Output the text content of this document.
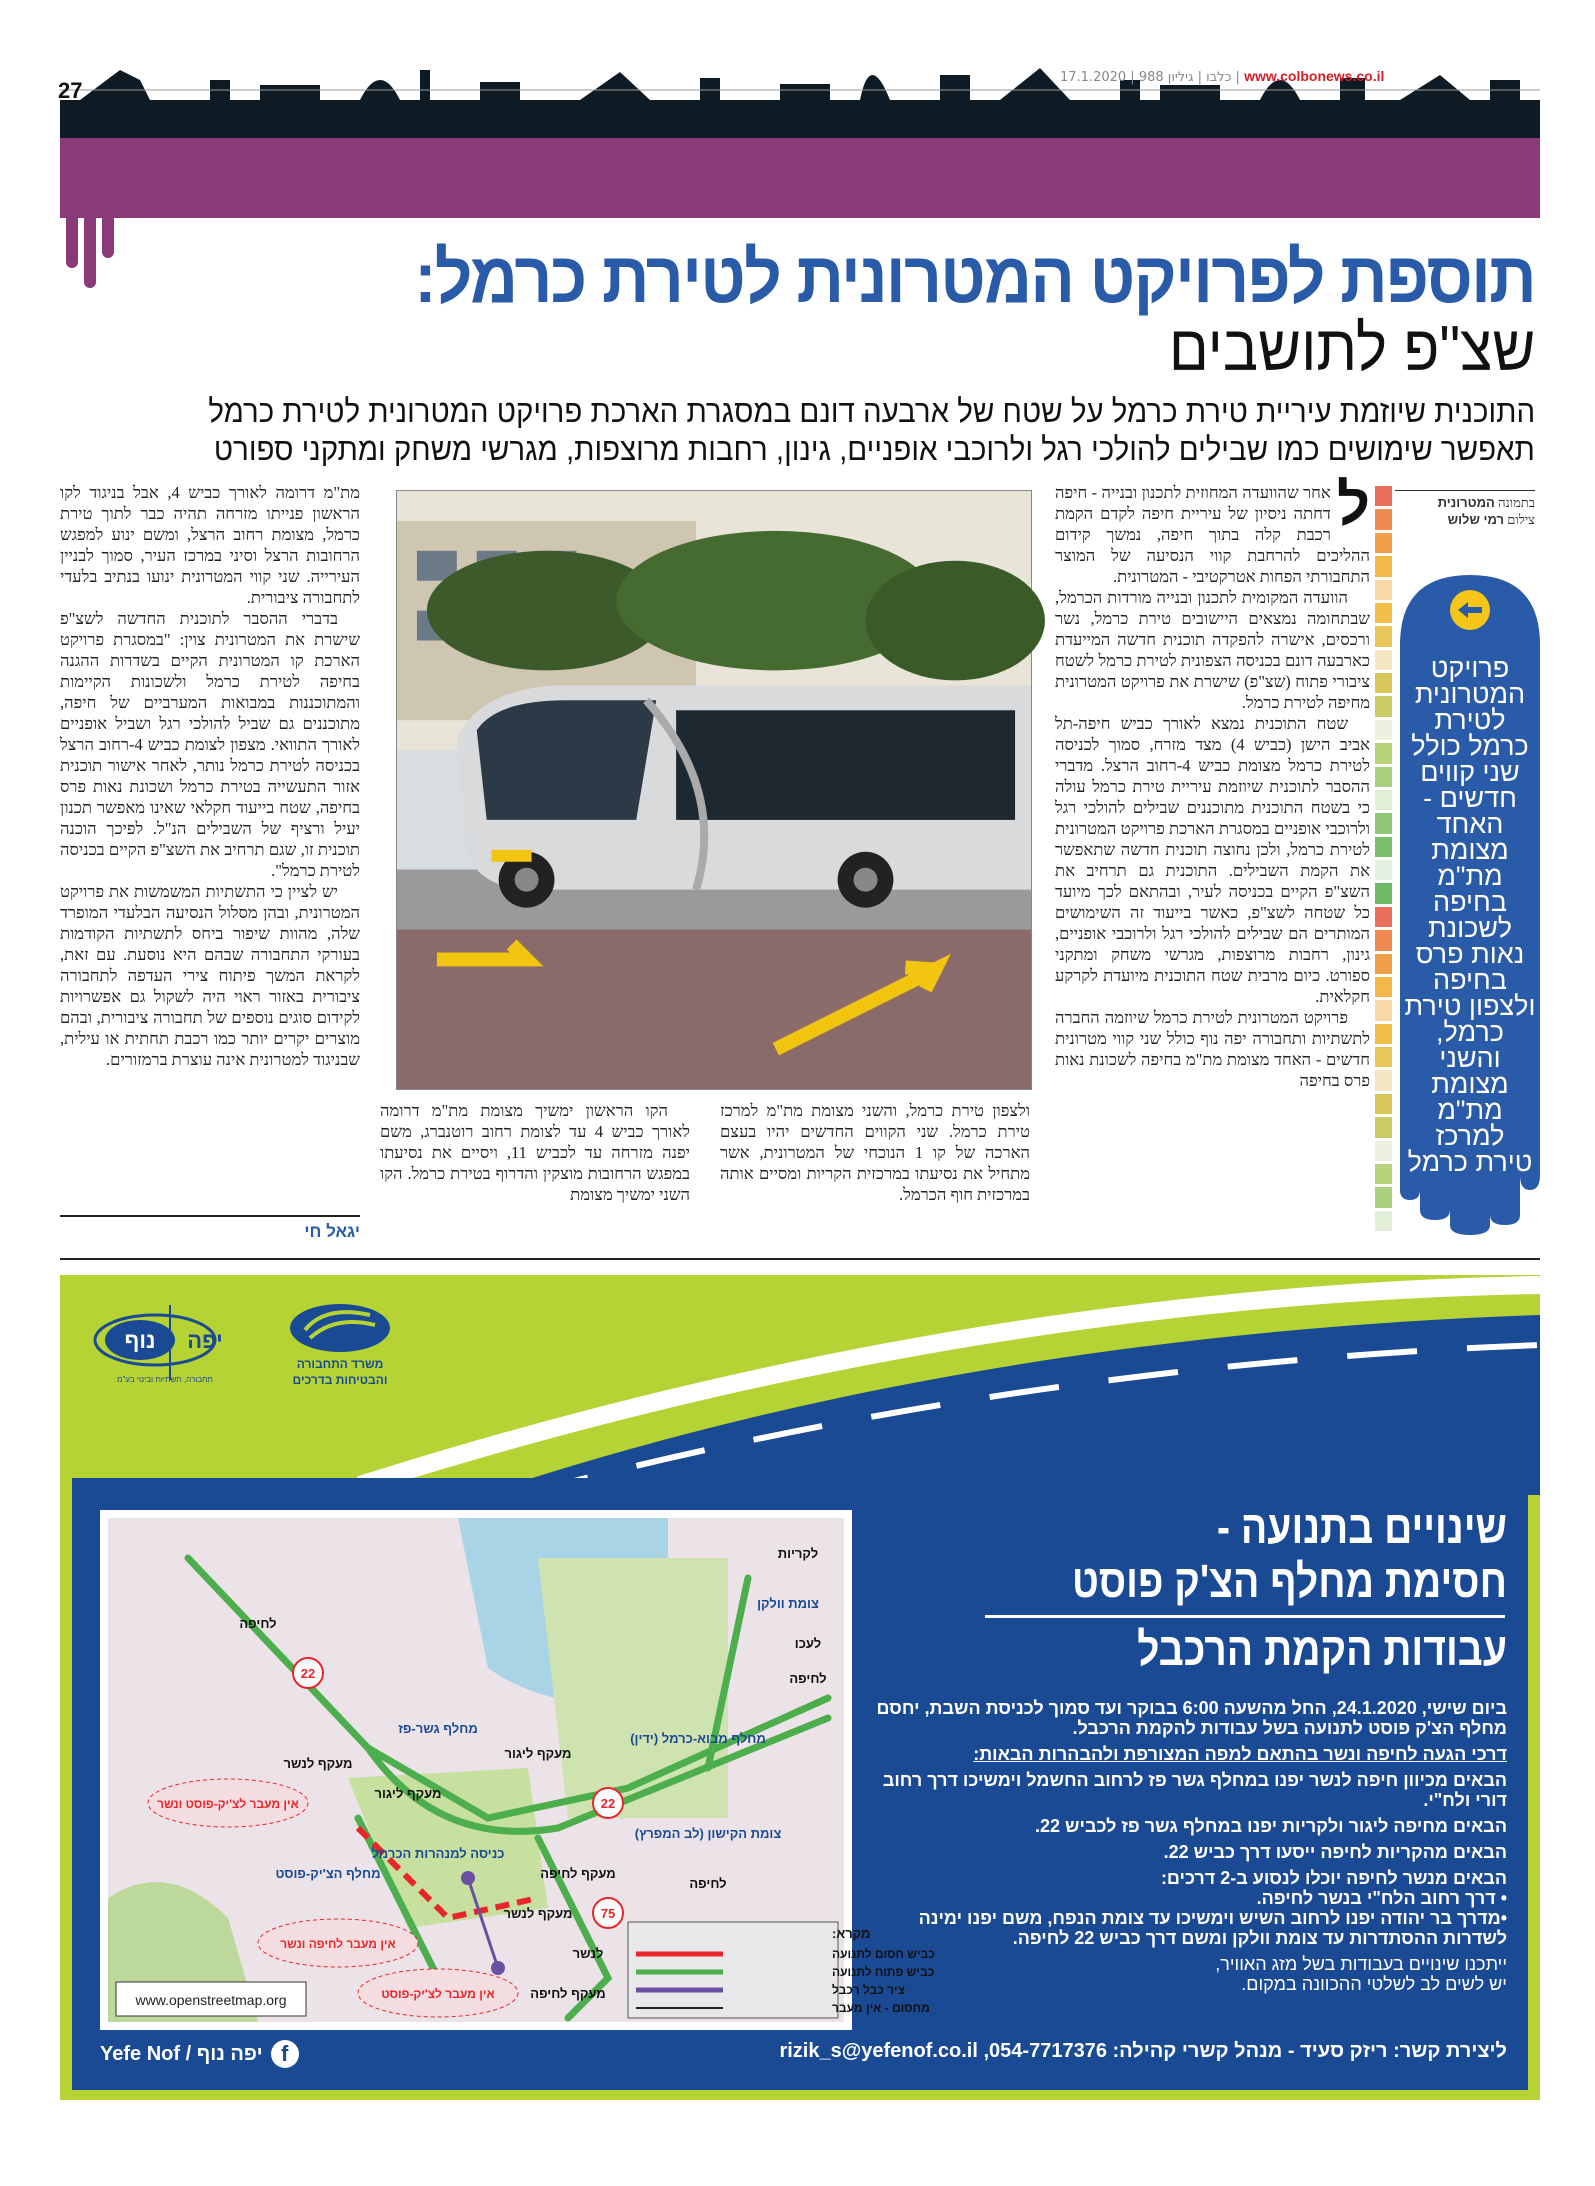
27
www.colbonews.co.il | כלבו | גיליון 988 | 17.1.2020
תוספת לפרויקט המטרונית לטירת כרמל:
שצ"פ לתושבים
התוכנית שיוזמת עיריית טירת כרמל על שטח של ארבעה דונם במסגרת הארכת פרויקט המטרונית לטירת כרמל
תאפשר שימושים כמו שבילים להולכי רגל ולרוכבי אופניים, גינון, רחבות מרוצפות, מגרשי משחק ומתקני ספורט
ל

אחר שהוועדה המחוזית לתכנון ובנייה - חיפה דחתה ניסיון של עיריית חיפה לקדם הקמת רכבת קלה בתוך חיפה, נמשך קידום ההליכים להרחבת קווי הנסיעה של המוצר התחבורתי הפחות אטרקטיבי - המטרונית.

הוועדה המקומית לתכנון ובנייה מורדות הכרמל, שבתחומה נמצאים היישובים טירת כרמל, נשר ורכסים, אישרה להפקדה תוכנית חדשה המייעדת כארבעה דונם בכניסה הצפונית לטירת כרמל לשטח ציבורי פתוח (שצ"פ) שישרת את פרויקט המטרונית מחיפה לטירת כרמל.

שטח התוכנית נמצא לאורך כביש חיפה-תל אביב הישן (כביש 4) מצד מזרח, סמוך לכניסה לטירת כרמל מצומת כביש 4-רחוב הרצל. מדברי ההסבר לתוכנית שיוזמת עיריית טירת כרמל עולה כי בשטח התוכנית מתוכננים שבילים להולכי רגל ולרוכבי אופניים במסגרת הארכת פרויקט המטרונית לטירת כרמל, ולכן נחוצה תוכנית חדשה שתאפשר את הקמת השבילים. התוכנית גם תרחיב את השצ"פ הקיים בכניסה לעיר, ובהתאם לכך מיועד כל שטחה לשצ"פ, כאשר בייעוד זה השימושים המותרים הם שבילים להולכי רגל ולרוכבי אופניים, גינון, רחבות מרוצפות, מגרשי משחק ומתקני ספורט. כיום מרבית שטח התוכנית מיועדת לקרקע חקלאית.

פרויקט המטרונית לטירת כרמל שיוזמה החברה לתשתיות ותחבורה יפה נוף כולל שני קווי מטרונית חדשים - האחד מצומת מת"מ בחיפה לשכונת נאות פרס בחיפה

בתמונה המטרונית
צילום רמי שלוש
פרויקט המטרונית לטירת כרמל כולל שני קווים חדשים - האחד מצומת מת"מ בחיפה לשכונת נאות פרס בחיפה ולצפון טירת כרמל, והשני מצומת מת"מ למרכז טירת כרמל

ולצפון טירת כרמל, והשני מצומת מת"מ למרכז טירת כרמל. שני הקווים החדשים יהיו בעצם הארכה של קו 1 הנוכחי של המטרונית, אשר מתחיל את נסיעתו במרכזית הקריות ומסיים אותה במרכזית חוף הכרמל.

הקו הראשון ימשיך מצומת מת"מ דרומה לאורך כביש 4 עד לצומת רחוב רוטנברג, משם יפנה מזרחה עד לכביש 11, ויסיים את נסיעתו במפגש הרחובות מוצקין והדרוף בטירת כרמל. הקו השני ימשיך מצומת

מת"מ דרומה לאורך כביש 4, אבל בניגוד לקו הראשון פנייתו מזרחה תהיה כבר לתוך טירת כרמל, מצומת רחוב הרצל, ומשם ינוע למפגש הרחובות הרצל וסיני במרכז העיר, סמוך לבניין העירייה. שני קווי המטרונית ינועו בנתיב בלעדי לתחבורה ציבורית.

בדברי ההסבר לתוכנית החדשה לשצ"פ שישרת את המטרונית צוין: "במסגרת פרויקט הארכת קו המטרונית הקיים בשדרות ההגנה בחיפה לטירת כרמל ולשכונות הקיימות והמתוכננות במבואות המערביים של חיפה, מתוכננים גם שביל להולכי רגל ושביל אופניים לאורך התוואי. מצפון לצומת כביש 4-רחוב הרצל בכניסה לטירת כרמל נותר, לאחר אישור תוכנית אזור התעשייה בטירת כרמל ושכונת נאות פרס בחיפה, שטח בייעוד חקלאי שאינו מאפשר תכנון יעיל ורציף של השבילים הנ"ל. לפיכך הוכנה תוכנית זו, שגם תרחיב את השצ"פ הקיים בכניסה לטירת כרמל".

יש לציין כי התשתיות המשמשות את פרויקט המטרונית, ובהן מסלול הנסיעה הבלעדי המופרד שלה, מהוות שיפור ביחס לתשתיות הקודמות בעורקי התחבורה שבהם היא נוסעת. עם זאת, לקראת המשך פיתוח צירי העדפה לתחבורה ציבורית באזור ראוי היה לשקול גם אפשרויות לקידום סוגים נוספים של תחבורה ציבורית, ובהם מוצרים יקרים יותר כמו רכבת תחתית או עילית, שבניגוד למטרונית אינה עוצרת ברמזורים.

יגאל חי
נוף יפה
תחבורה, תשתיות ובינוי בע"מ
משרד התחבורה
והבטיחות בדרכים
לחיפה
לקריות
צומת וולקן
לעכו
לחיפה
מחלף מבוא-כרמל (ידין)
מחלף גשר-פז
מעקף לנשר
מעקף ליגור
מעקף ליגור
כניסה למנהרות הכרמל
מחלף הצ'יק-פוסט
צומת הקישון (לב המפרץ)
מעקף לחיפה
לחיפה
מעקף לנשר
לנשר
מעקף לחיפה
22
22
75
אין מעבר לצ'יק-פוסט ונשר
אין מעבר לחיפה ונשר
אין מעבר לצ'יק-פוסט
www.openstreetmap.org
מקרא:
כביש חסום לתנועה
כביש פתוח לתנועה
ציר כבל רכבל
מחסום - אין מעבר
שינויים בתנועה -
חסימת מחלף הצ'ק פוסט
עבודות הקמת הרכבל

ביום שישי, 24.1.2020, החל מהשעה 6:00 בבוקר ועד סמוך לכניסת השבת, יחסם מחלף הצ'ק פוסט לתנועה בשל עבודות להקמת הרכבל.

דרכי הגעה לחיפה ונשר בהתאם למפה המצורפת ולהבהרות הבאות:

הבאים מכיוון חיפה לנשר יפנו במחלף גשר פז לרחוב החשמל וימשיכו דרך רחוב דורי ולח"י.

הבאים מחיפה ליגור ולקריות יפנו במחלף גשר פז לכביש 22.

הבאים מהקריות לחיפה ייסעו דרך כביש 22.

הבאים מנשר לחיפה יוכלו לנסוע ב-2 דרכים:
• דרך רחוב הלח"י בנשר לחיפה.

•מדרך בר יהודה יפנו לרחוב השיש וימשיכו עד צומת הנפח, משם יפנו ימינה לשדרות ההסתדרות עד צומת וולקן ומשם דרך כביש 22 לחיפה.

ייתכנו שינויים בעבודות בשל מזג האוויר,
יש לשים לב לשלטי ההכוונה במקום.
ליצירת קשר: ריזק סעיד - מנהל קשרי קהילה: 054-7717376, rizik_s@yefenof.co.il
Yefe Nof / יפה נוף f
